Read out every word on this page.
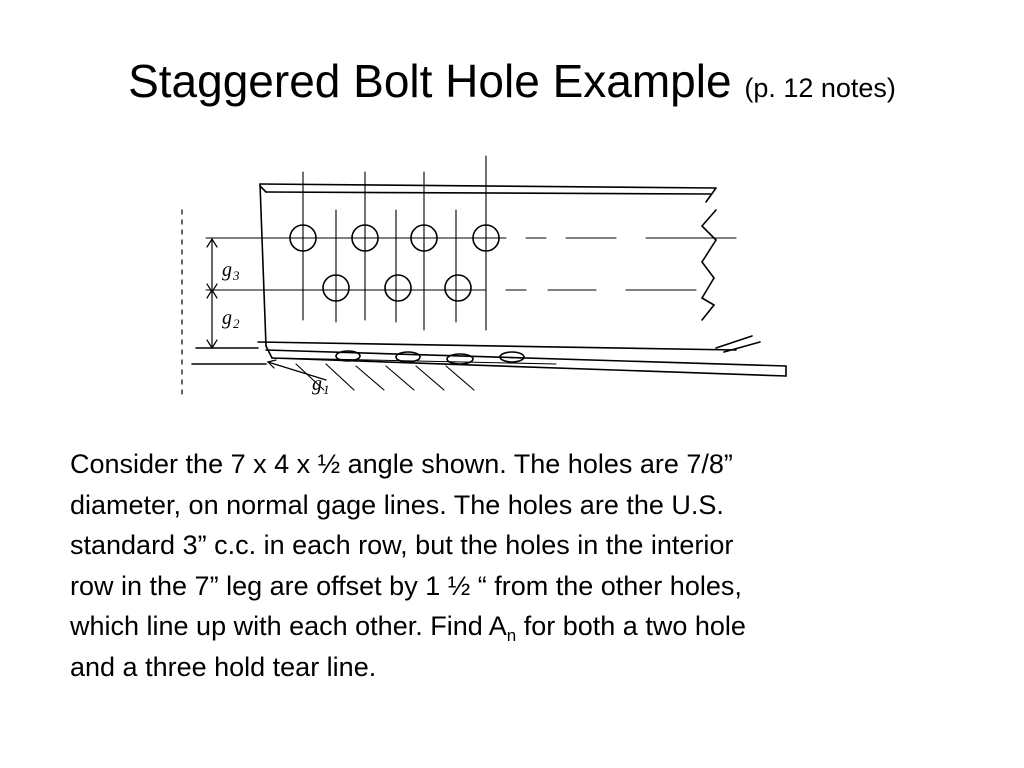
Staggered Bolt Hole Example (p. 12 notes)
g 3
g 2
g 1
Consider the 7 x 4 x ½ angle shown. The holes are 7/8”
diameter, on normal gage lines. The holes are the U.S.
standard 3” c.c. in each row, but the holes in the interior
row in the 7” leg are offset by 1 ½ “ from the other holes,
which line up with each other. Find $A_n$ for both a two hole
and a three hold tear line.
